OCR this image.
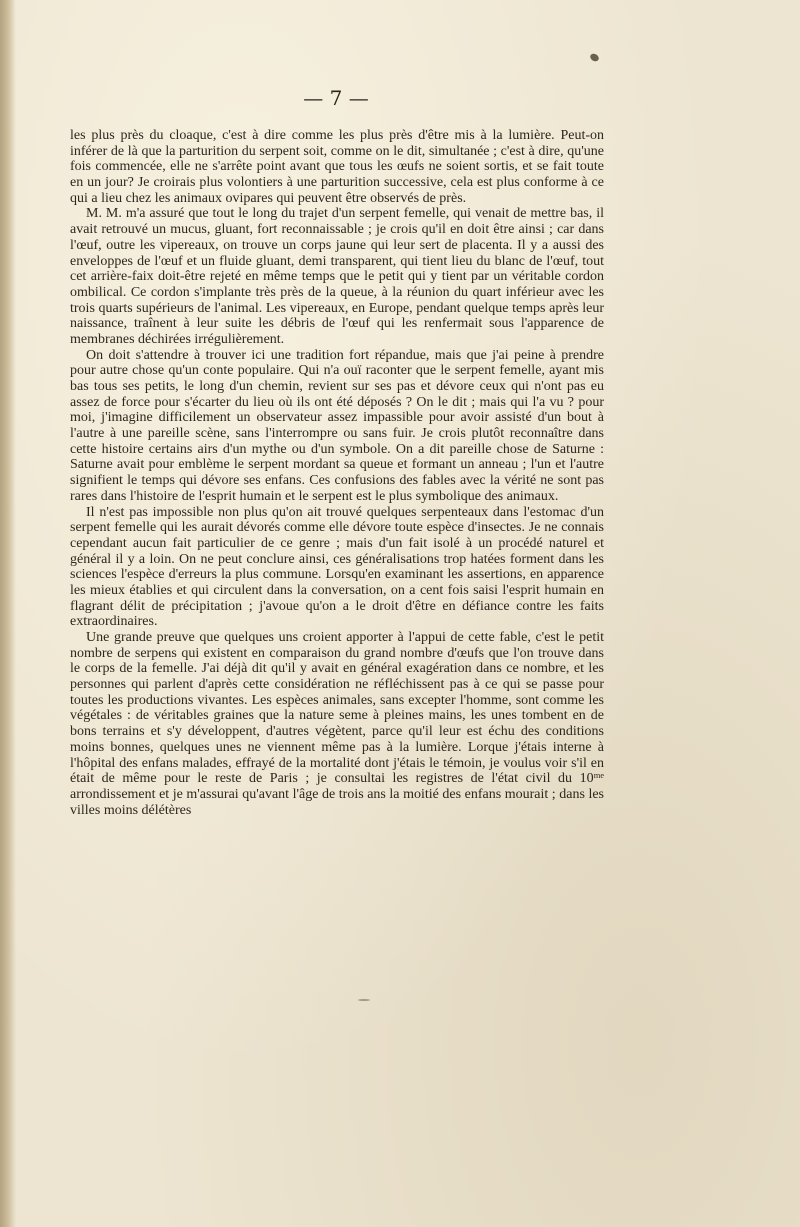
— 7 —

les plus près du cloaque, c'est à dire comme les plus près d'être mis à la lumière. Peut-on inférer de là que la parturition du serpent soit, comme on le dit, simultanée ; c'est à dire, qu'une fois commencée, elle ne s'arrête point avant que tous les œufs ne soient sortis, et se fait toute en un jour? Je croirais plus volontiers à une parturition successive, cela est plus conforme à ce qui a lieu chez les animaux ovipares qui peuvent être observés de près.

M. M. m'a assuré que tout le long du trajet d'un serpent femelle, qui venait de mettre bas, il avait retrouvé un mucus, gluant, fort reconnaissable ; je crois qu'il en doit être ainsi ; car dans l'œuf, outre les vipereaux, on trouve un corps jaune qui leur sert de placenta. Il y a aussi des enveloppes de l'œuf et un fluide gluant, demi transparent, qui tient lieu du blanc de l'œuf, tout cet arrière-faix doit-être rejeté en même temps que le petit qui y tient par un véritable cordon ombilical. Ce cordon s'implante très près de la queue, à la réunion du quart inférieur avec les trois quarts supérieurs de l'animal. Les vipereaux, en Europe, pendant quelque temps après leur naissance, traînent à leur suite les débris de l'œuf qui les renfermait sous l'apparence de membranes déchirées irrégulièrement.

On doit s'attendre à trouver ici une tradition fort répandue, mais que j'ai peine à prendre pour autre chose qu'un conte populaire. Qui n'a ouï raconter que le serpent femelle, ayant mis bas tous ses petits, le long d'un chemin, revient sur ses pas et dévore ceux qui n'ont pas eu assez de force pour s'écarter du lieu où ils ont été déposés ? On le dit ; mais qui l'a vu ? pour moi, j'imagine difficilement un observateur assez impassible pour avoir assisté d'un bout à l'autre à une pareille scène, sans l'interrompre ou sans fuir. Je crois plutôt reconnaître dans cette histoire certains airs d'un mythe ou d'un symbole. On a dit pareille chose de Saturne : Saturne avait pour emblème le serpent mordant sa queue et formant un anneau ; l'un et l'autre signifient le temps qui dévore ses enfans. Ces confusions des fables avec la vérité ne sont pas rares dans l'histoire de l'esprit humain et le serpent est le plus symbolique des animaux.

Il n'est pas impossible non plus qu'on ait trouvé quelques serpenteaux dans l'estomac d'un serpent femelle qui les aurait dévorés comme elle dévore toute espèce d'insectes. Je ne connais cependant aucun fait particulier de ce genre ; mais d'un fait isolé à un procédé naturel et général il y a loin. On ne peut conclure ainsi, ces généralisations trop hatées forment dans les sciences l'espèce d'erreurs la plus commune. Lorsqu'en examinant les assertions, en apparence les mieux établies et qui circulent dans la conversation, on a cent fois saisi l'esprit humain en flagrant délit de précipitation ; j'avoue qu'on a le droit d'être en défiance contre les faits extraordinaires.

Une grande preuve que quelques uns croient apporter à l'appui de cette fable, c'est le petit nombre de serpens qui existent en comparaison du grand nombre d'œufs que l'on trouve dans le corps de la femelle. J'ai déjà dit qu'il y avait en général exagération dans ce nombre, et les personnes qui parlent d'après cette considération ne réfléchissent pas à ce qui se passe pour toutes les productions vivantes. Les espèces animales, sans excepter l'homme, sont comme les végétales : de véritables graines que la nature seme à pleines mains, les unes tombent en de bons terrains et s'y développent, d'autres végètent, parce qu'il leur est échu des conditions moins bonnes, quelques unes ne viennent même pas à la lumière. Lorque j'étais interne à l'hôpital des enfans malades, effrayé de la mortalité dont j'étais le témoin, je voulus voir s'il en était de même pour le reste de Paris ; je consultai les registres de l'état civil du 10ᵐᵉ arrondissement et je m'assurai qu'avant l'âge de trois ans la moitié des enfans mourait ; dans les villes moins délétères
